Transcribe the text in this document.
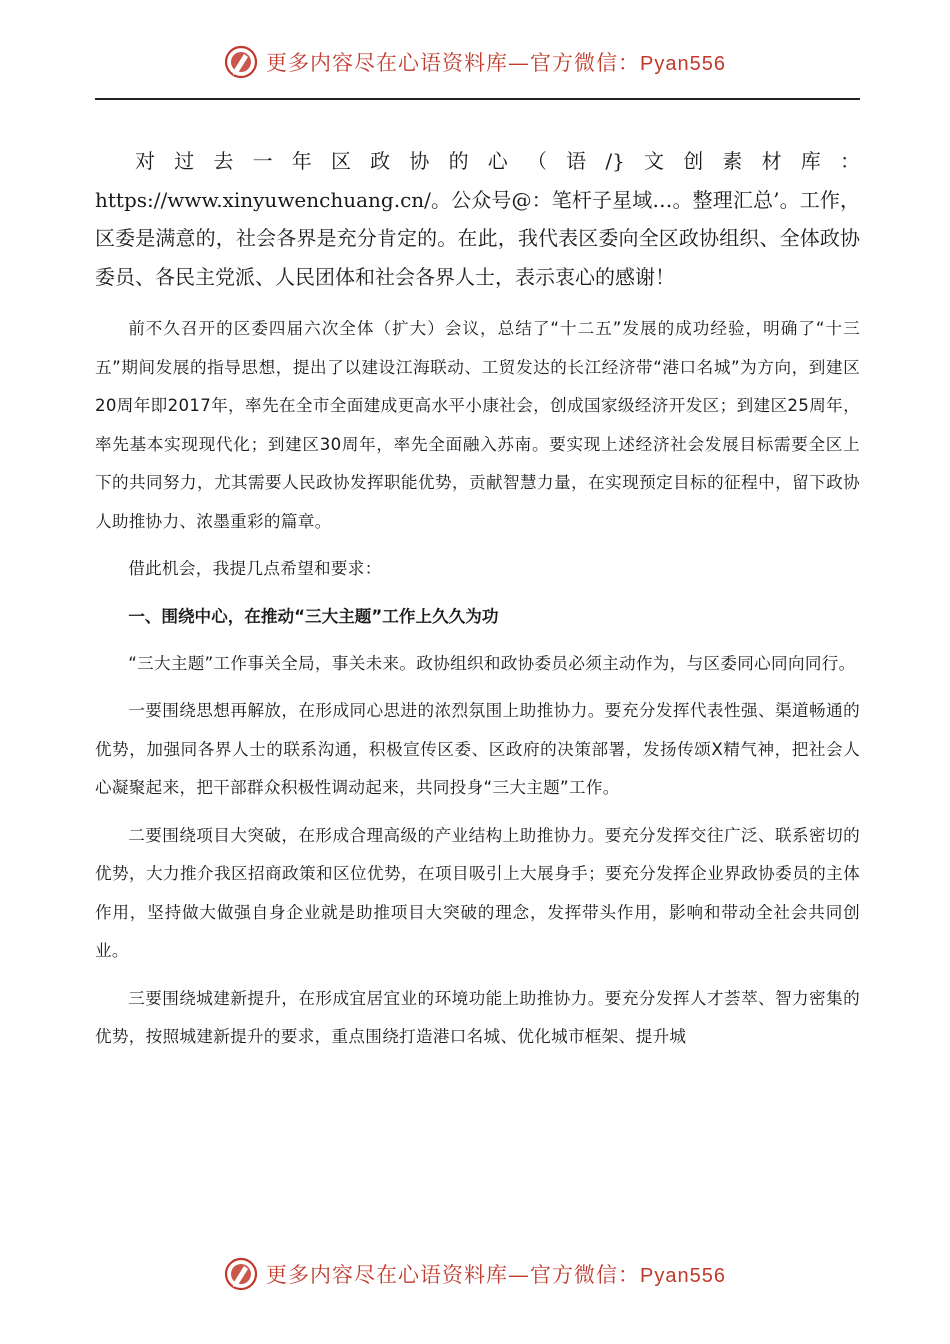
更多内容尽在心语资料库—官方微信：Pyan556

对过去一年区政协的心（语/}文创素材库：https://www.xinyuwenchuang.cn/。公众号@：笔杆子星域…。整理汇总’。工作，区委是满意的，社会各界是充分肯定的。在此，我代表区委向全区政协组织、全体政协委员、各民主党派、人民团体和社会各界人士，表示衷心的感谢！

前不久召开的区委四届六次全体（扩大）会议，总结了“十二五”发展的成功经验，明确了“十三五”期间发展的指导思想，提出了以建设江海联动、工贸发达的长江经济带“港口名城”为方向，到建区20周年即2017年，率先在全市全面建成更高水平小康社会，创成国家级经济开发区；到建区25周年，率先基本实现现代化；到建区30周年，率先全面融入苏南。要实现上述经济社会发展目标需要全区上下的共同努力，尤其需要人民政协发挥职能优势，贡献智慧力量，在实现预定目标的征程中，留下政协人助推协力、浓墨重彩的篇章。

借此机会，我提几点希望和要求：

一、围绕中心，在推动“三大主题”工作上久久为功

“三大主题”工作事关全局，事关未来。政协组织和政协委员必须主动作为，与区委同心同向同行。

一要围绕思想再解放，在形成同心思进的浓烈氛围上助推协力。要充分发挥代表性强、渠道畅通的优势，加强同各界人士的联系沟通，积极宣传区委、区政府的决策部署，发扬传颂X精气神，把社会人心凝聚起来，把干部群众积极性调动起来，共同投身“三大主题”工作。

二要围绕项目大突破，在形成合理高级的产业结构上助推协力。要充分发挥交往广泛、联系密切的优势，大力推介我区招商政策和区位优势，在项目吸引上大展身手；要充分发挥企业界政协委员的主体作用，坚持做大做强自身企业就是助推项目大突破的理念，发挥带头作用，影响和带动全社会共同创业。

三要围绕城建新提升，在形成宜居宜业的环境功能上助推协力。要充分发挥人才荟萃、智力密集的优势，按照城建新提升的要求，重点围绕打造港口名城、优化城市框架、提升城

更多内容尽在心语资料库—官方微信：Pyan556
